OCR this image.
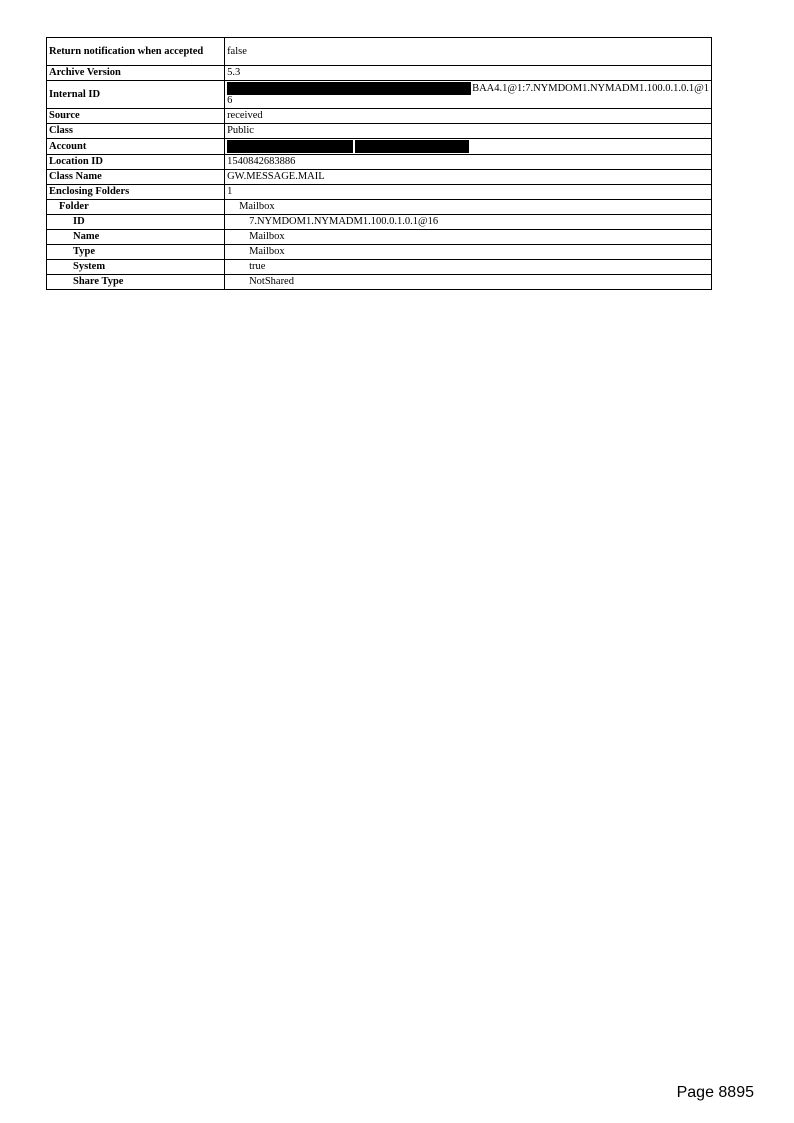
Return notification when accepted	false
Archive Version	5.3
Internal ID	BAA4.1@1:7.NYMDOM1.NYMADM1.100.0.1.0.1@1
6

Source	received
Class	Public
Account	

Location ID	1540842683886
Class Name	GW.MESSAGE.MAIL
Enclosing Folders	1
Folder	Mailbox
ID	7.NYMDOM1.NYMADM1.100.0.1.0.1@16
Name	Mailbox
Type	Mailbox
System	true
Share Type	NotShared
Page 8895
